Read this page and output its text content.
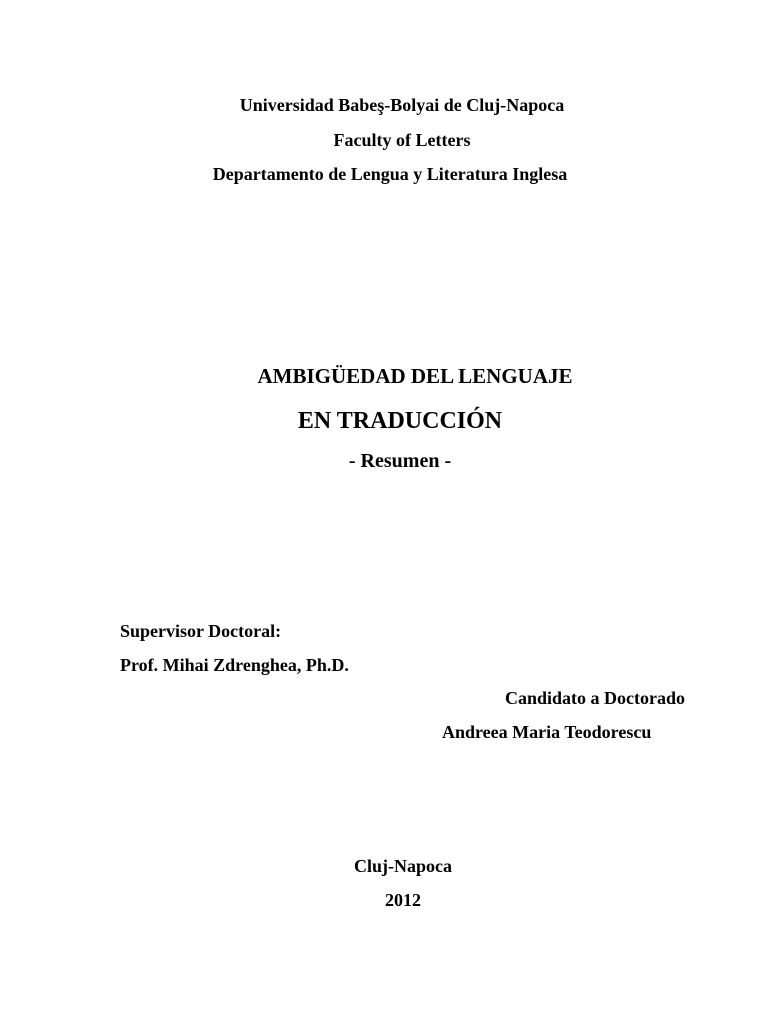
Universidad Babeş-Bolyai de Cluj-Napoca
Faculty of Letters
Departamento de Lengua y Literatura Inglesa
AMBIGÜEDAD DEL LENGUAJE
EN TRADUCCIÓN
- Resumen -
Supervisor Doctoral:
Prof. Mihai Zdrenghea, Ph.D.
Candidato a Doctorado
Andreea Maria Teodorescu
Cluj-Napoca
2012
